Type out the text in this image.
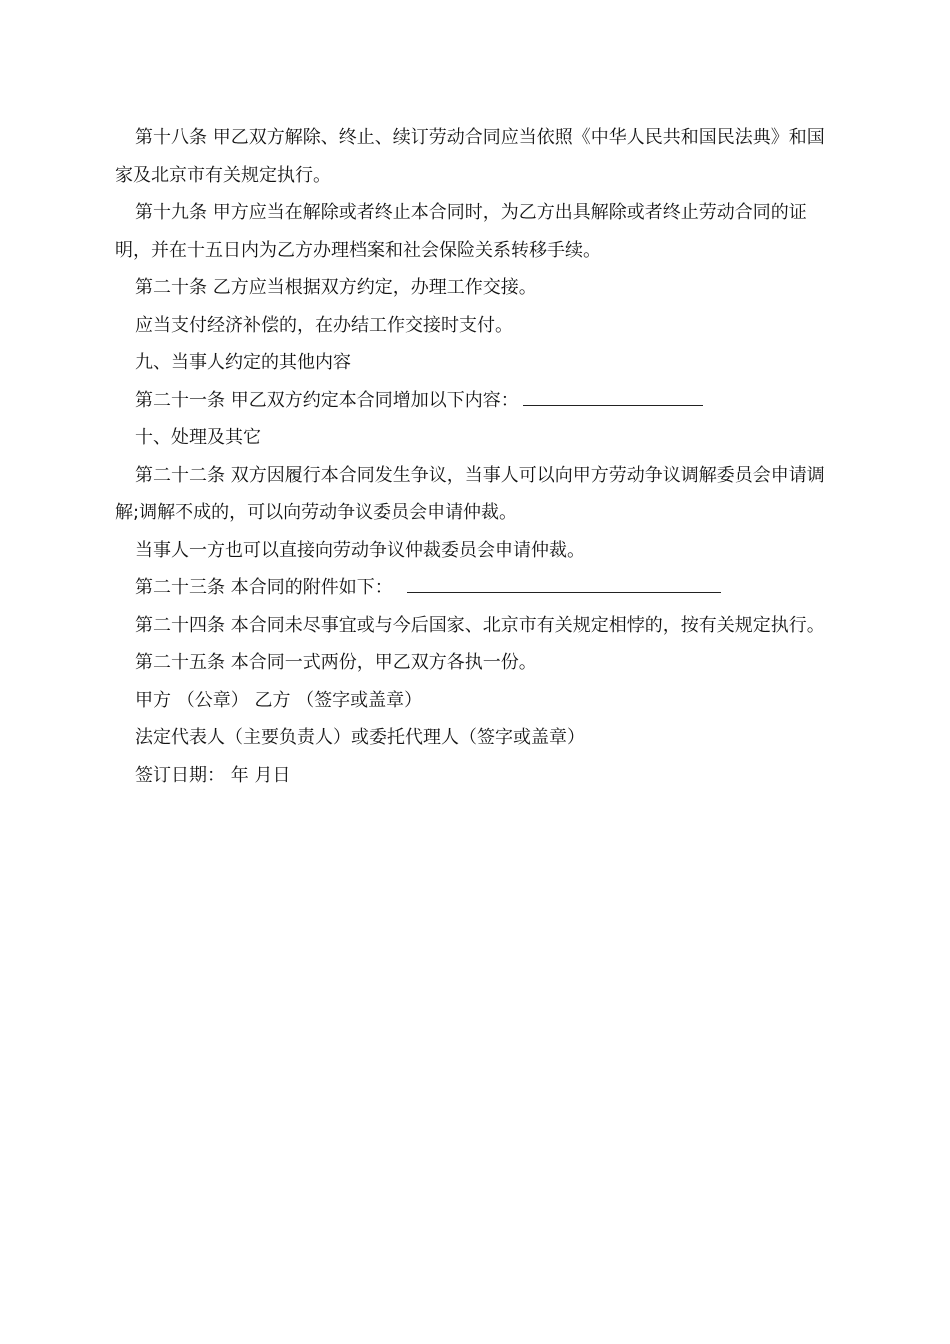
第十八条 甲乙双方解除、终止、续订劳动合同应当依照《中华人民共和国民法典》和国家及北京市有关规定执行。

第十九条 甲方应当在解除或者终止本合同时，为乙方出具解除或者终止劳动合同的证明，并在十五日内为乙方办理档案和社会保险关系转移手续。

第二十条 乙方应当根据双方约定，办理工作交接。

应当支付经济补偿的，在办结工作交接时支付。

九、当事人约定的其他内容

第二十一条 甲乙双方约定本合同增加以下内容：

十、处理及其它

第二十二条 双方因履行本合同发生争议，当事人可以向甲方劳动争议调解委员会申请调解;调解不成的，可以向劳动争议委员会申请仲裁。

当事人一方也可以直接向劳动争议仲裁委员会申请仲裁。

第二十三条 本合同的附件如下：

第二十四条 本合同未尽事宜或与今后国家、北京市有关规定相悖的，按有关规定执行。

第二十五条 本合同一式两份，甲乙双方各执一份。

甲方 （公章） 乙方 （签字或盖章）

法定代表人（主要负责人）或委托代理人（签字或盖章）

签订日期： 年 月日
